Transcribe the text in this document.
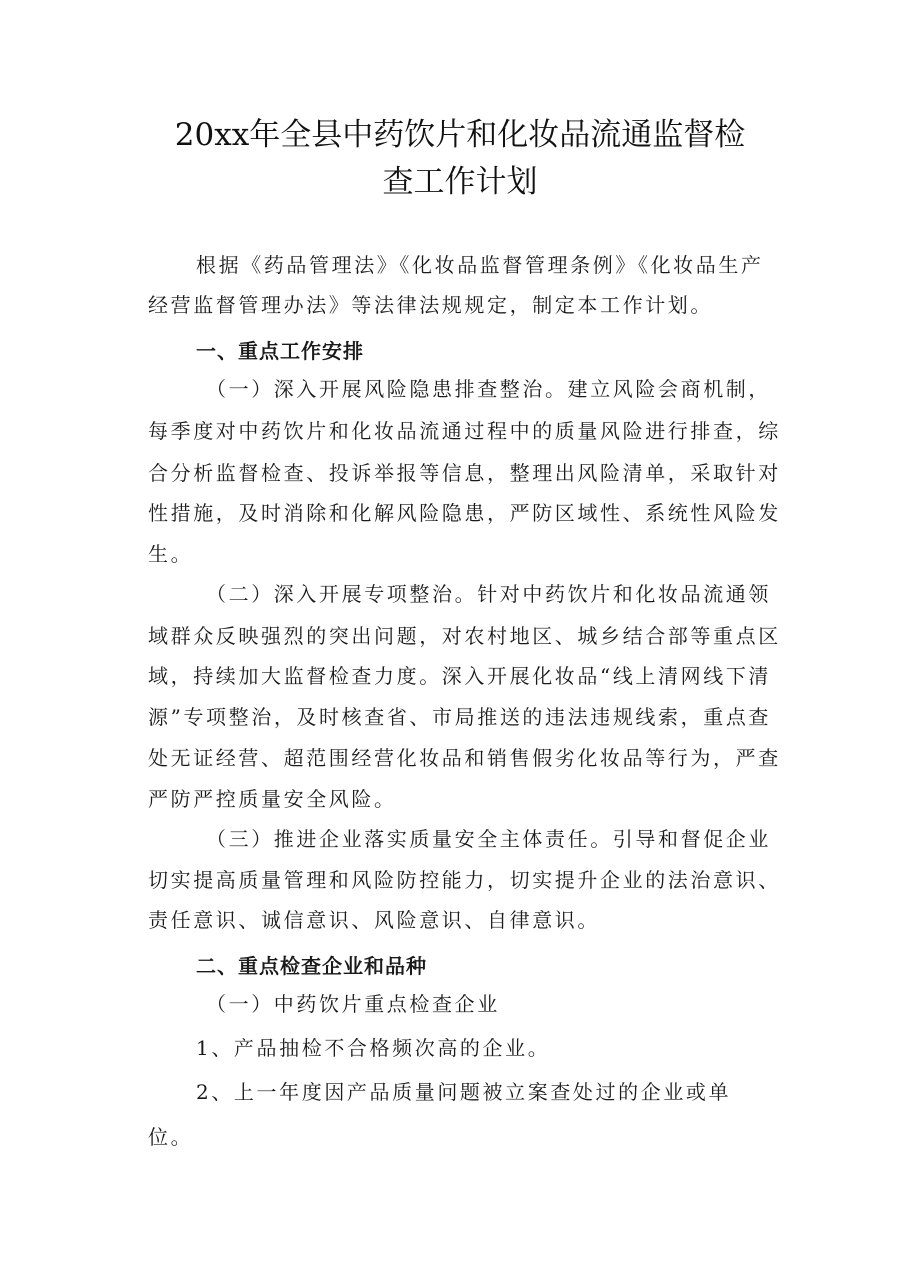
20xx年全县中药饮片和化妆品流通监督检
查工作计划
根据《药品管理法》《化妆品监督管理条例》《化妆品生产
经营监督管理办法》等法律法规规定，制定本工作计划。
一、重点工作安排
（一）深入开展风险隐患排查整治。建立风险会商机制，
每季度对中药饮片和化妆品流通过程中的质量风险进行排查，综
合分析监督检查、投诉举报等信息，整理出风险清单，采取针对
性措施，及时消除和化解风险隐患，严防区域性、系统性风险发
生。
（二）深入开展专项整治。针对中药饮片和化妆品流通领
域群众反映强烈的突出问题，对农村地区、城乡结合部等重点区
域，持续加大监督检查力度。深入开展化妆品“线上清网线下清
源”专项整治，及时核查省、市局推送的违法违规线索，重点查
处无证经营、超范围经营化妆品和销售假劣化妆品等行为，严查
严防严控质量安全风险。
（三）推进企业落实质量安全主体责任。引导和督促企业
切实提高质量管理和风险防控能力，切实提升企业的法治意识、
责任意识、诚信意识、风险意识、自律意识。
二、重点检查企业和品种
（一）中药饮片重点检查企业
1、产品抽检不合格频次高的企业。
2、上一年度因产品质量问题被立案查处过的企业或单
位。
